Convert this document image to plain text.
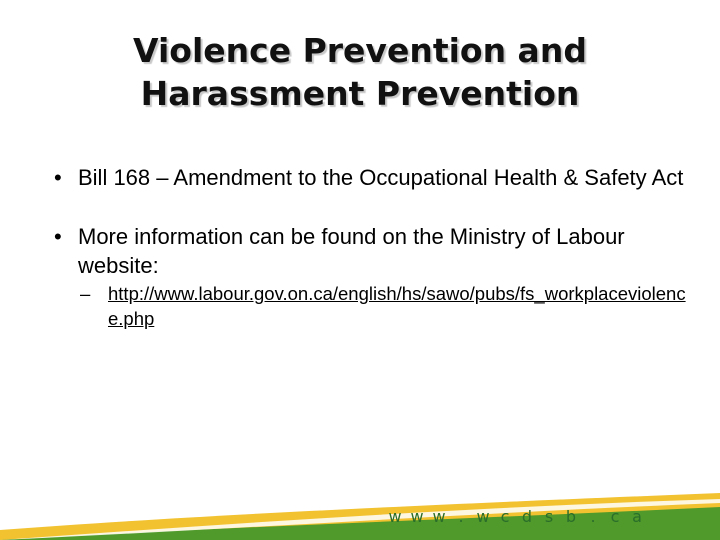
Violence Prevention and
Harassment Prevention
• Bill 168 – Amendment to the Occupational Health & Safety Act
• More information can be found on the Ministry of Labour website:
– http://www.labour.gov.on.ca/english/hs/sawo/pubs/fs_workplaceviolence.php
w w w . w c d s b . c a
